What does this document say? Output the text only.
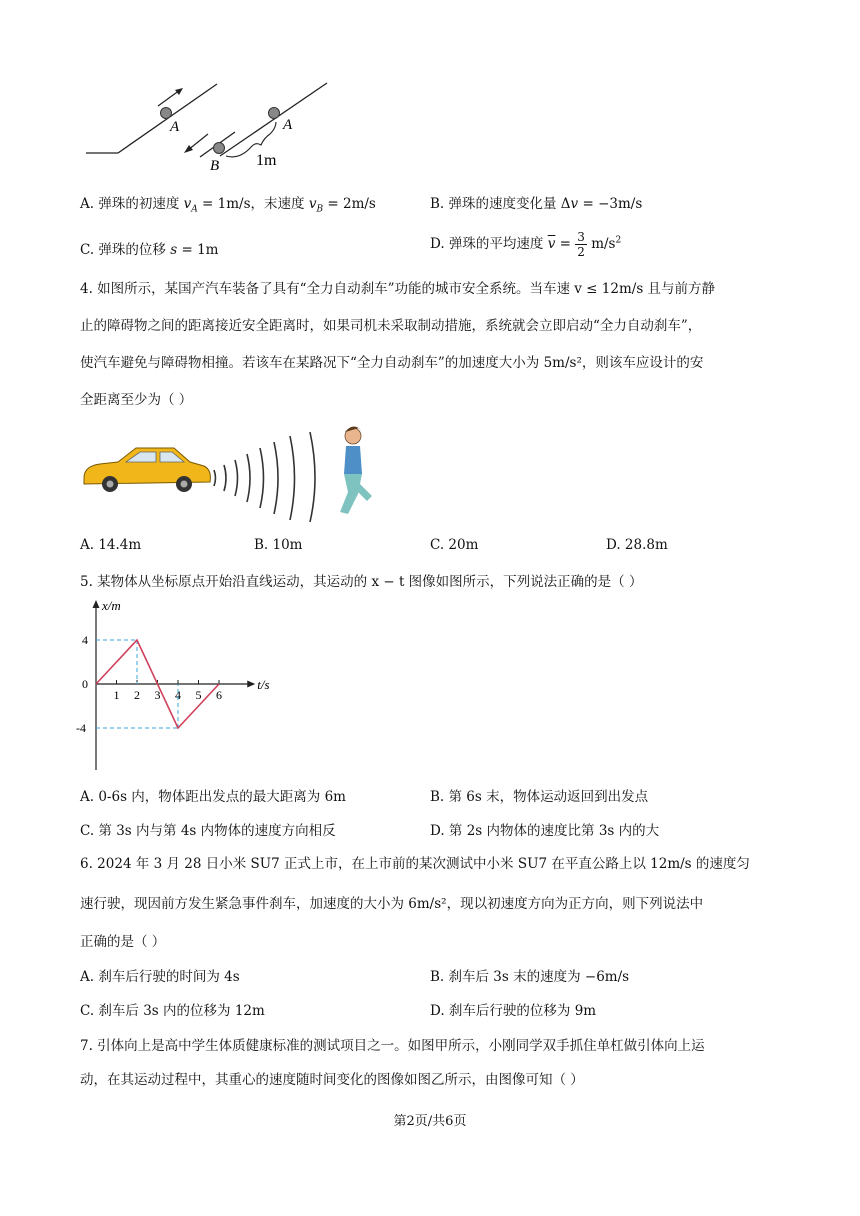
A	A
B 1m
A. 弹珠的初速度 $v_A = 1m/s$，末速度 $v_B = 2m/s$	B. 弹珠的速度变化量 Δv = −3m/s
C. 弹珠的位移 s = 1m	D. 弹珠的平均速度 $\overline{v} = \frac{3}{2} m/s^2$
4. 如图所示，某国产汽车装备了具有“全力自动刹车”功能的城市安全系统。当车速 v ≤ 12m/s 且与前方静
止的障碍物之间的距离接近安全距离时，如果司机未采取制动措施，系统就会立即启动“全力自动刹车”，
使汽车避免与障碍物相撞。若该车在某路况下“全力自动刹车”的加速度大小为 5m/s²，则该车应设计的安
全距离至少为（ ）
A. 14.4m	B. 10m	C. 20m	D. 28.8m
5. 某物体从坐标原点开始沿直线运动，其运动的 x − t 图像如图所示，下列说法正确的是（ ）
x/m
t/s
1 2 3 4 5 6
4
0
-4
A. 0-6s 内，物体距出发点的最大距离为 6m	B. 第 6s 末，物体运动返回到出发点
C. 第 3s 内与第 4s 内物体的速度方向相反	D. 第 2s 内物体的速度比第 3s 内的大
6. 2024 年 3 月 28 日小米 SU7 正式上市，在上市前的某次测试中小米 SU7 在平直公路上以 12m/s 的速度匀
速行驶，现因前方发生紧急事件刹车，加速度的大小为 6m/s²，现以初速度方向为正方向，则下列说法中
正确的是（ ）
A. 刹车后行驶的时间为 4s	B. 刹车后 3s 末的速度为 −6m/s
C. 刹车后 3s 内的位移为 12m	D. 刹车后行驶的位移为 9m
7. 引体向上是高中学生体质健康标准的测试项目之一。如图甲所示，小刚同学双手抓住单杠做引体向上运
动，在其运动过程中，其重心的速度随时间变化的图像如图乙所示，由图像可知（ ）
第2页/共6页
